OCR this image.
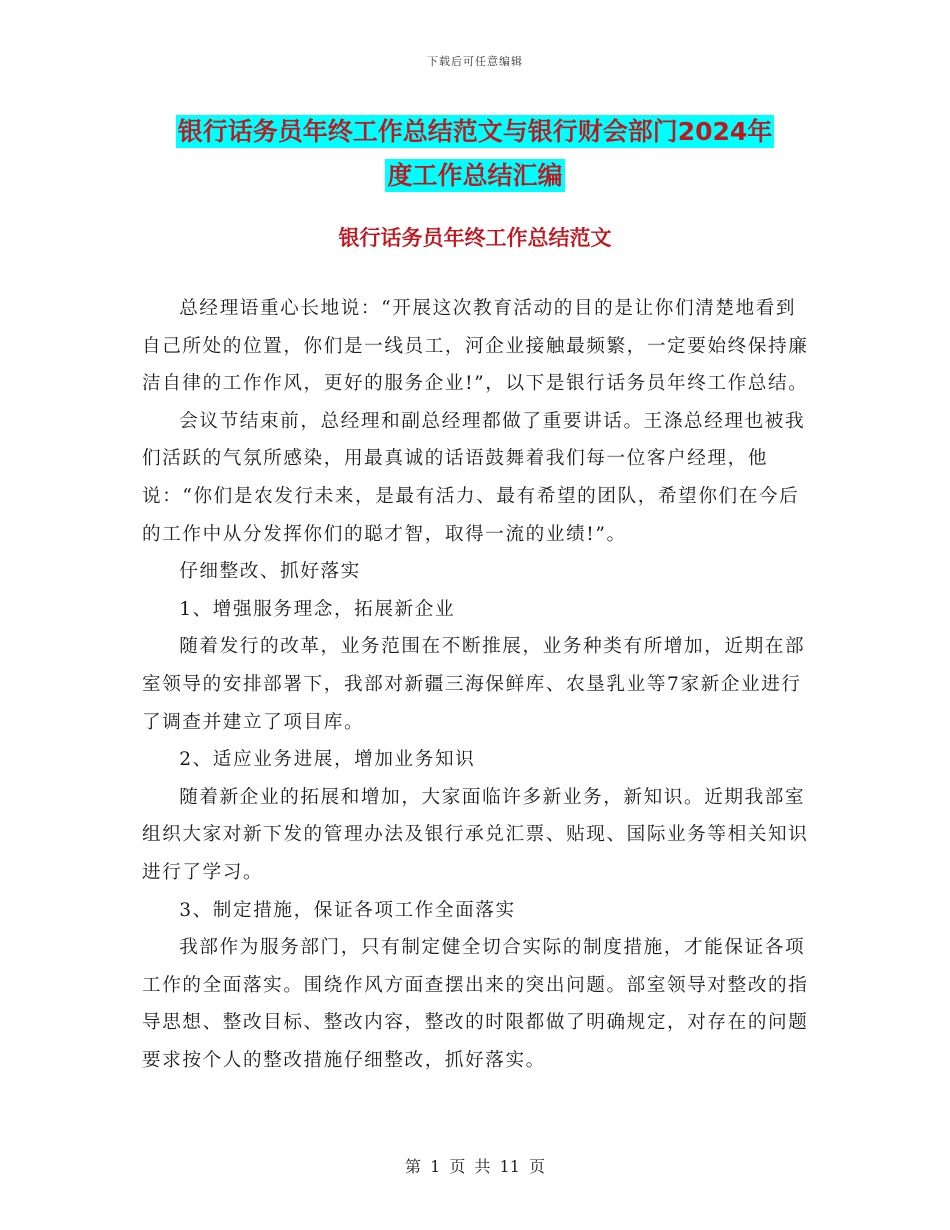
下载后可任意编辑
银行话务员年终工作总结范文与银行财会部门2024年
度工作总结汇编
银行话务员年终工作总结范文

总经理语重心长地说：“开展这次教育活动的目的是让你们清楚地看到自己所处的位置，你们是一线员工，河企业接触最频繁，一定要始终保持廉洁自律的工作作风，更好的服务企业!”，以下是银行话务员年终工作总结。

会议节结束前，总经理和副总经理都做了重要讲话。王涤总经理也被我们活跃的气氛所感染，用最真诚的话语鼓舞着我们每一位客户经理，他说：“你们是农发行未来，是最有活力、最有希望的团队，希望你们在今后的工作中从分发挥你们的聪才智，取得一流的业绩!”。

仔细整改、抓好落实

1、增强服务理念，拓展新企业

随着发行的改革，业务范围在不断推展，业务种类有所增加，近期在部室领导的安排部署下，我部对新疆三海保鲜库、农垦乳业等7家新企业进行了调查并建立了项目库。

2、适应业务进展，增加业务知识

随着新企业的拓展和增加，大家面临许多新业务，新知识。近期我部室组织大家对新下发的管理办法及银行承兑汇票、贴现、国际业务等相关知识进行了学习。

3、制定措施，保证各项工作全面落实

我部作为服务部门，只有制定健全切合实际的制度措施，才能保证各项工作的全面落实。围绕作风方面查摆出来的突出问题。部室领导对整改的指导思想、整改目标、整改内容，整改的时限都做了明确规定，对存在的问题要求按个人的整改措施仔细整改，抓好落实。

第 1 页 共 11 页
